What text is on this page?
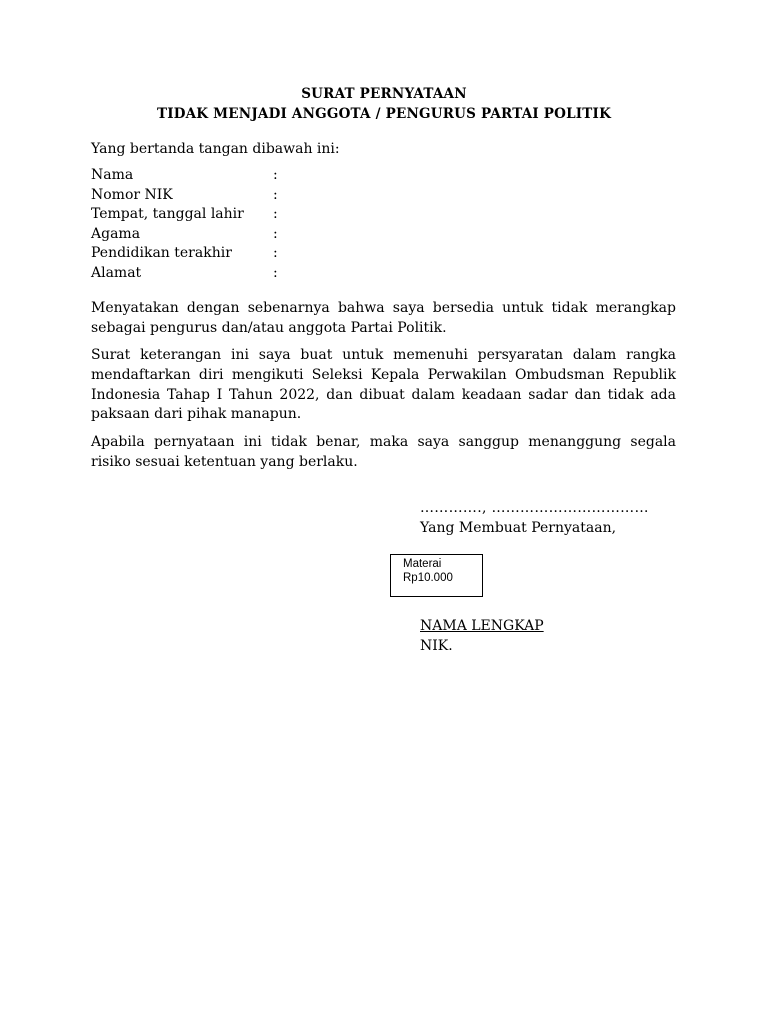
SURAT PERNYATAAN
TIDAK MENJADI ANGGOTA / PENGURUS PARTAI POLITIK
Yang bertanda tangan dibawah ini:
Nama	:
Nomor NIK	:
Tempat, tanggal lahir	:
Agama	:
Pendidikan terakhir	:
Alamat	:
Menyatakan dengan sebenarnya bahwa saya bersedia untuk tidak merangkap sebagai pengurus dan/atau anggota Partai Politik.
Surat keterangan ini saya buat untuk memenuhi persyaratan dalam rangka mendaftarkan diri mengikuti Seleksi Kepala Perwakilan Ombudsman Republik Indonesia Tahap I Tahun 2022, dan dibuat dalam keadaan sadar dan tidak ada paksaan dari pihak manapun.
Apabila pernyataan ini tidak benar, maka saya sanggup menanggung segala risiko sesuai ketentuan yang berlaku.
…………., ……………………………
Yang Membuat Pernyataan,
Materai
Rp10.000
NAMA LENGKAP
NIK.
